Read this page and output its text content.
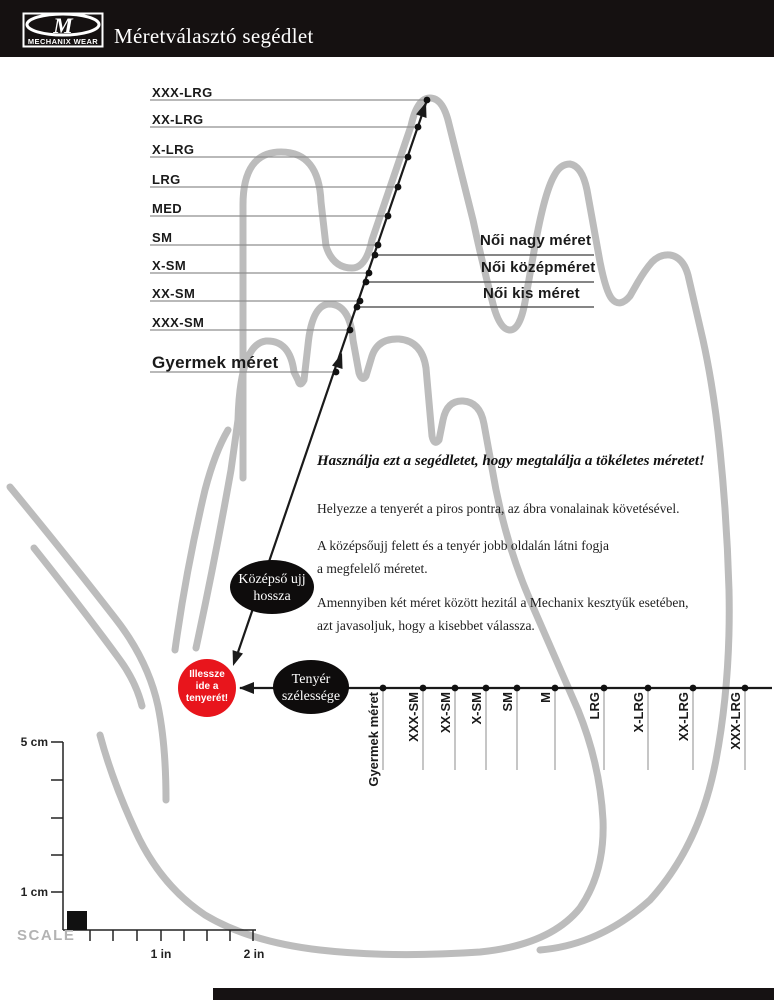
M
MECHANIX WEAR Méretválasztó segédlet
XXX-LRG
XX-LRG
X-LRG
LRG
MED
SM
X-SM
XX-SM
XXX-SM
Gyermek méret
Női nagy méret
Női középméret
Női kis méret
Használja ezt a segédletet, hogy megtalálja a tökéletes méretet!
Helyezze a tenyerét a piros pontra, az ábra vonalainak követésével.
A középsőujj felett és a tenyér jobb oldalán látni fogja
a megfelelő méretet.
Amennyiben két méret között hezitál a Mechanix kesztyűk esetében,
azt javasoljuk, hogy a kisebbet válassza.
Középső ujj
hossza
Tenyér
szélessége
Illessze
ide a
tenyerét!	Gyermek méret XXX-SM XX-SM X-SM SM M	LRG X-LRG XX-LRG	XXX-LRG
5 cm
1 cm
SCALE
1 in	2 in
